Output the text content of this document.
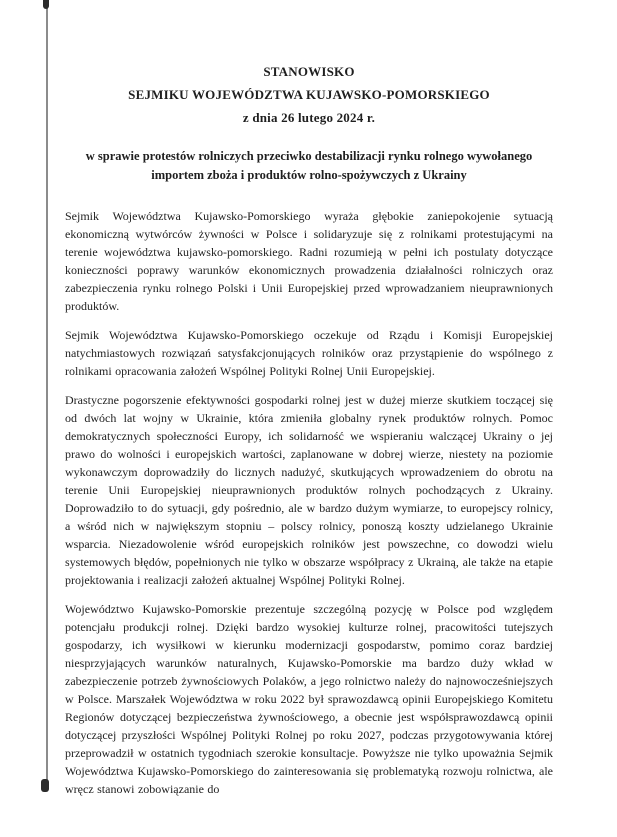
STANOWISKO
SEJMIKU WOJEWÓDZTWA KUJAWSKO-POMORSKIEGO
z dnia 26 lutego 2024 r.
w sprawie protestów rolniczych przeciwko destabilizacji rynku rolnego wywołanego
importem zboża i produktów rolno-spożywczych z Ukrainy

Sejmik Województwa Kujawsko-Pomorskiego wyraża głębokie zaniepokojenie sytuacją ekonomiczną wytwórców żywności w Polsce i solidaryzuje się z rolnikami protestującymi na terenie województwa kujawsko-pomorskiego. Radni rozumieją w pełni ich postulaty dotyczące konieczności poprawy warunków ekonomicznych prowadzenia działalności rolniczych oraz zabezpieczenia rynku rolnego Polski i Unii Europejskiej przed wprowadzaniem nieuprawnionych produktów.

Sejmik Województwa Kujawsko-Pomorskiego oczekuje od Rządu i Komisji Europejskiej natychmiastowych rozwiązań satysfakcjonujących rolników oraz przystąpienie do wspólnego z rolnikami opracowania założeń Wspólnej Polityki Rolnej Unii Europejskiej.

Drastyczne pogorszenie efektywności gospodarki rolnej jest w dużej mierze skutkiem toczącej się od dwóch lat wojny w Ukrainie, która zmieniła globalny rynek produktów rolnych. Pomoc demokratycznych społeczności Europy, ich solidarność we wspieraniu walczącej Ukrainy o jej prawo do wolności i europejskich wartości, zaplanowane w dobrej wierze, niestety na poziomie wykonawczym doprowadziły do licznych nadużyć, skutkujących wprowadzeniem do obrotu na terenie Unii Europejskiej nieuprawnionych produktów rolnych pochodzących z Ukrainy. Doprowadziło to do sytuacji, gdy pośrednio, ale w bardzo dużym wymiarze, to europejscy rolnicy, a wśród nich w największym stopniu – polscy rolnicy, ponoszą koszty udzielanego Ukrainie wsparcia. Niezadowolenie wśród europejskich rolników jest powszechne, co dowodzi wielu systemowych błędów, popełnionych nie tylko w obszarze współpracy z Ukrainą, ale także na etapie projektowania i realizacji założeń aktualnej Wspólnej Polityki Rolnej.

Województwo Kujawsko-Pomorskie prezentuje szczególną pozycję w Polsce pod względem potencjału produkcji rolnej. Dzięki bardzo wysokiej kulturze rolnej, pracowitości tutejszych gospodarzy, ich wysiłkowi w kierunku modernizacji gospodarstw, pomimo coraz bardziej niesprzyjających warunków naturalnych, Kujawsko-Pomorskie ma bardzo duży wkład w zabezpieczenie potrzeb żywnościowych Polaków, a jego rolnictwo należy do najnowocześniejszych w Polsce. Marszałek Województwa w roku 2022 był sprawozdawcą opinii Europejskiego Komitetu Regionów dotyczącej bezpieczeństwa żywnościowego, a obecnie jest współsprawozdawcą opinii dotyczącej przyszłości Wspólnej Polityki Rolnej po roku 2027, podczas przygotowywania której przeprowadził w ostatnich tygodniach szerokie konsultacje. Powyższe nie tylko upoważnia Sejmik Województwa Kujawsko-Pomorskiego do zainteresowania się problematyką rozwoju rolnictwa, ale wręcz stanowi zobowiązanie do
